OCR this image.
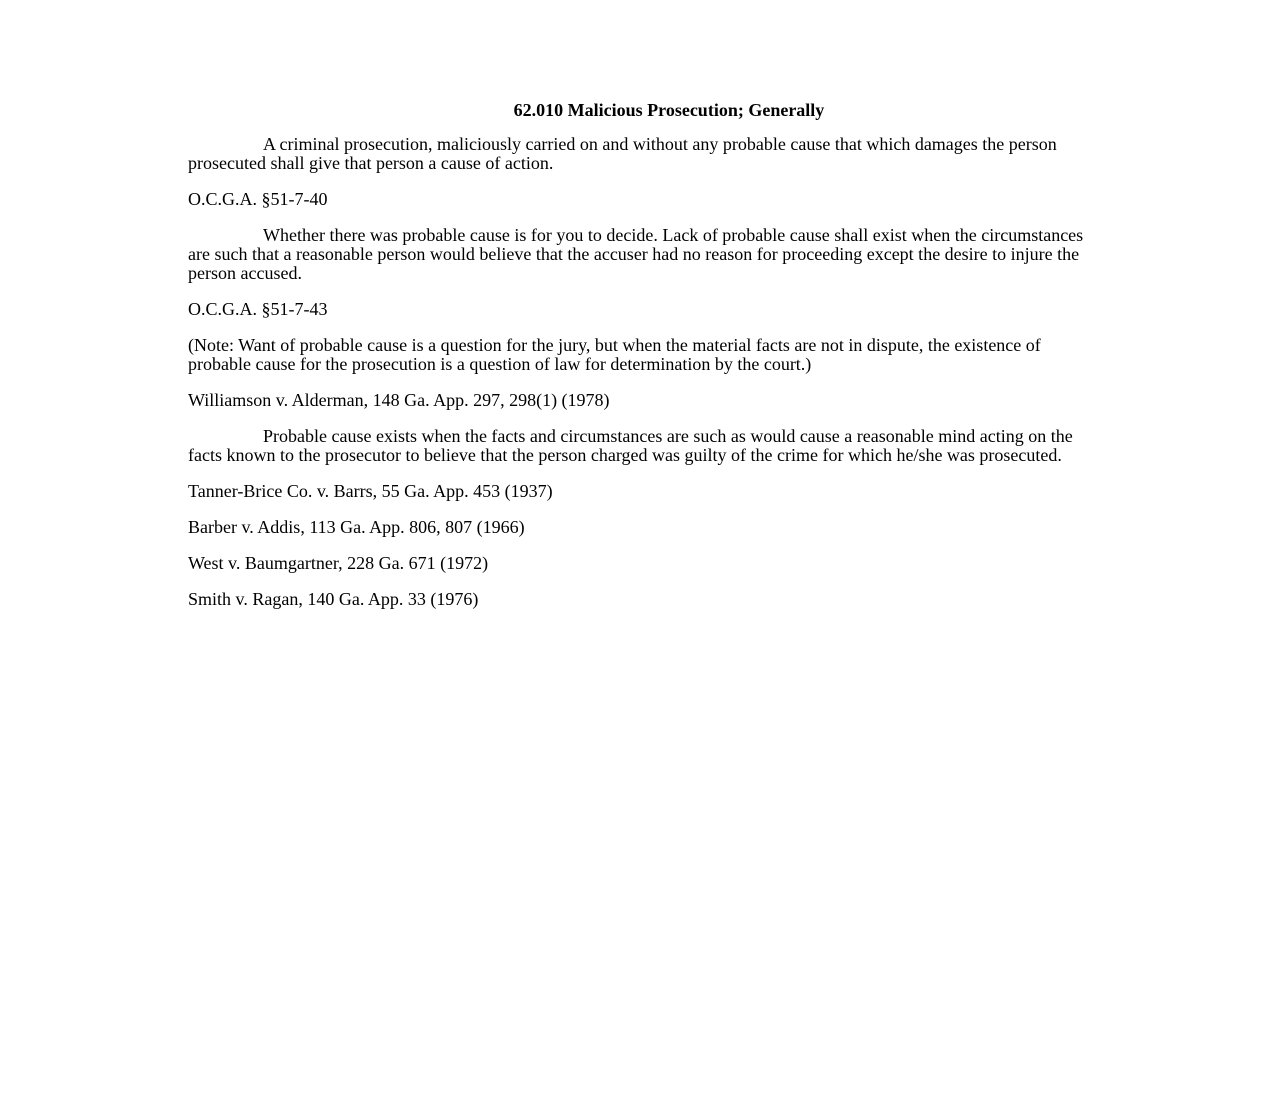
62.010 Malicious Prosecution; Generally

A criminal prosecution, maliciously carried on and without any probable cause that which damages the person prosecuted shall give that person a cause of action.

O.C.G.A. §51-7-40

Whether there was probable cause is for you to decide. Lack of probable cause shall exist when the circumstances are such that a reasonable person would believe that the accuser had no reason for proceeding except the desire to injure the person accused.

O.C.G.A. §51-7-43

(Note: Want of probable cause is a question for the jury, but when the material facts are not in dispute, the existence of probable cause for the prosecution is a question of law for determination by the court.)

Williamson v. Alderman, 148 Ga. App. 297, 298(1) (1978)

Probable cause exists when the facts and circumstances are such as would cause a reasonable mind acting on the facts known to the prosecutor to believe that the person charged was guilty of the crime for which he/she was prosecuted.

Tanner-Brice Co. v. Barrs, 55 Ga. App. 453 (1937)

Barber v. Addis, 113 Ga. App. 806, 807 (1966)

West v. Baumgartner, 228 Ga. 671 (1972)

Smith v. Ragan, 140 Ga. App. 33 (1976)
